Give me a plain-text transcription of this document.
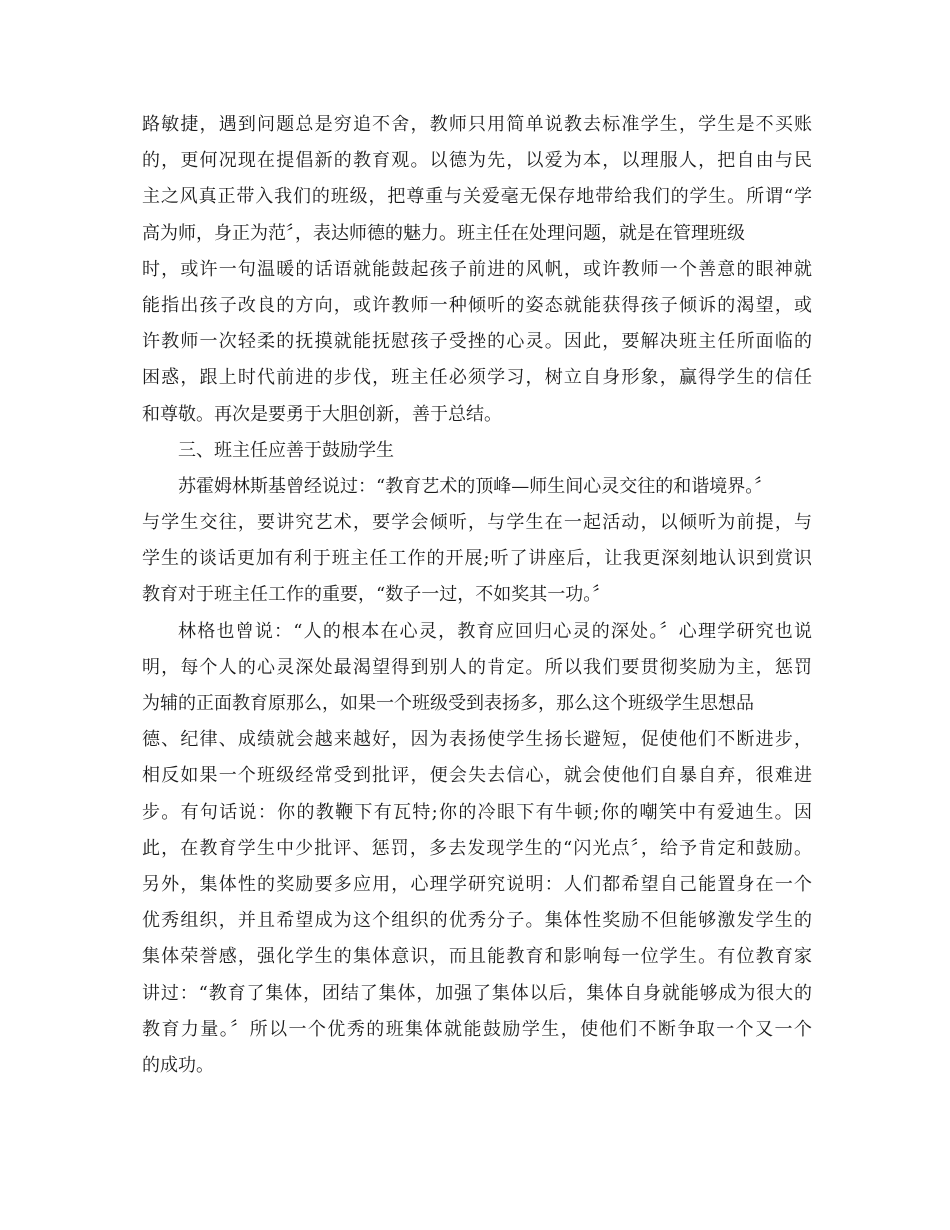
路敏捷，遇到问题总是穷追不舍，教师只用简单说教去标准学生，学生是不买账
的，更何况现在提倡新的教育观。以德为先，以爱为本，以理服人，把自由与民
主之风真正带入我们的班级，把尊重与关爱毫无保存地带给我们的学生。所谓“学
高为师，身正为范〞，表达师德的魅力。班主任在处理问题，就是在管理班级
时，或许一句温暖的话语就能鼓起孩子前进的风帆，或许教师一个善意的眼神就
能指出孩子改良的方向，或许教师一种倾听的姿态就能获得孩子倾诉的渴望，或
许教师一次轻柔的抚摸就能抚慰孩子受挫的心灵。因此，要解决班主任所面临的
困惑，跟上时代前进的步伐，班主任必须学习，树立自身形象，赢得学生的信任
和尊敬。再次是要勇于大胆创新，善于总结。
三、班主任应善于鼓励学生
苏霍姆林斯基曾经说过：“教育艺术的顶峰—师生间心灵交往的和谐境界。〞
与学生交往，要讲究艺术，要学会倾听，与学生在一起活动，以倾听为前提，与
学生的谈话更加有利于班主任工作的开展;听了讲座后，让我更深刻地认识到赏识
教育对于班主任工作的重要，“数子一过，不如奖其一功。〞
林格也曾说：“人的根本在心灵，教育应回归心灵的深处。〞心理学研究也说
明，每个人的心灵深处最渴望得到别人的肯定。所以我们要贯彻奖励为主，惩罚
为辅的正面教育原那么，如果一个班级受到表扬多，那么这个班级学生思想品
德、纪律、成绩就会越来越好，因为表扬使学生扬长避短，促使他们不断进步，
相反如果一个班级经常受到批评，便会失去信心，就会使他们自暴自弃，很难进
步。有句话说：你的教鞭下有瓦特;你的冷眼下有牛顿;你的嘲笑中有爱迪生。因
此，在教育学生中少批评、惩罚，多去发现学生的“闪光点〞，给予肯定和鼓励。
另外，集体性的奖励要多应用，心理学研究说明：人们都希望自己能置身在一个
优秀组织，并且希望成为这个组织的优秀分子。集体性奖励不但能够激发学生的
集体荣誉感，强化学生的集体意识，而且能教育和影响每一位学生。有位教育家
讲过：“教育了集体，团结了集体，加强了集体以后，集体自身就能够成为很大的
教育力量。〞所以一个优秀的班集体就能鼓励学生，使他们不断争取一个又一个
的成功。
